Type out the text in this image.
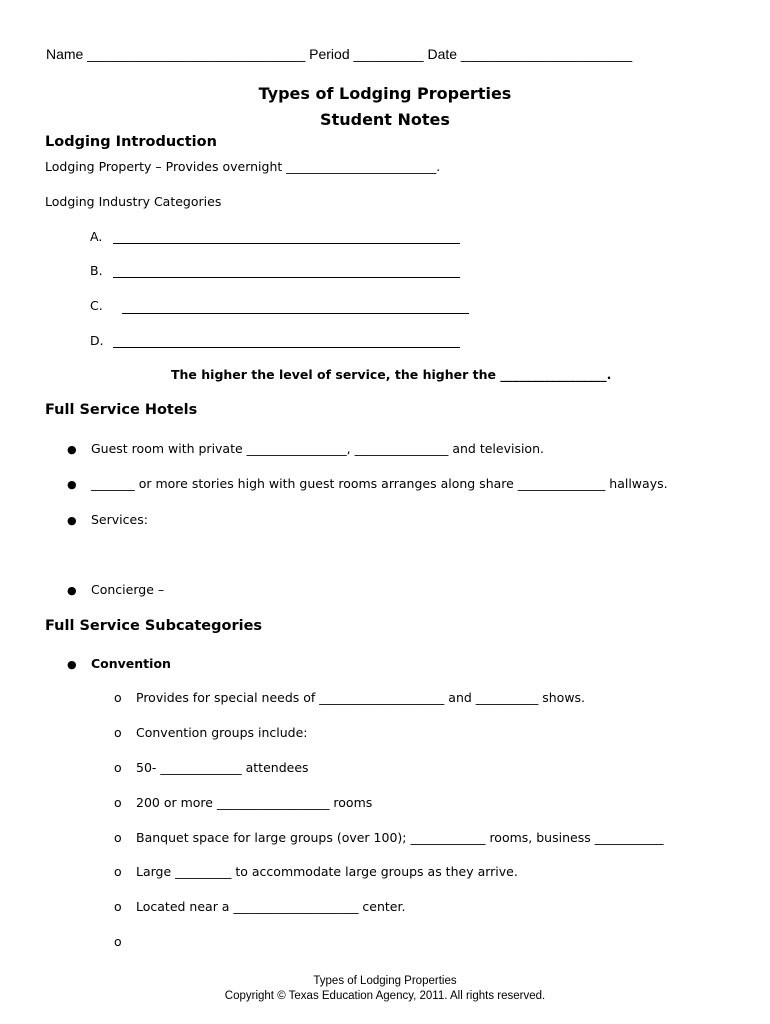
Name ____________________________ Period _________ Date ______________________
Types of Lodging Properties
Student Notes
Lodging Introduction
Lodging Property – Provides overnight ________________________.
Lodging Industry Categories
A.
B.
C.
D.
The higher the level of service, the higher the _________________.
Full Service Hotels
● Guest room with private ________________, _______________ and television.
● _______ or more stories high with guest rooms arranges along share ______________ hallways.
● Services:
● Concierge –
Full Service Subcategories
● Convention
o Provides for special needs of ____________________ and __________ shows.
o Convention groups include:
o 50- _____________ attendees
o 200 or more __________________ rooms
o Banquet space for large groups (over 100); ____________ rooms, business ___________
o Large _________ to accommodate large groups as they arrive.
o Located near a ____________________ center.
o
Types of Lodging Properties
Copyright © Texas Education Agency, 2011. All rights reserved.
